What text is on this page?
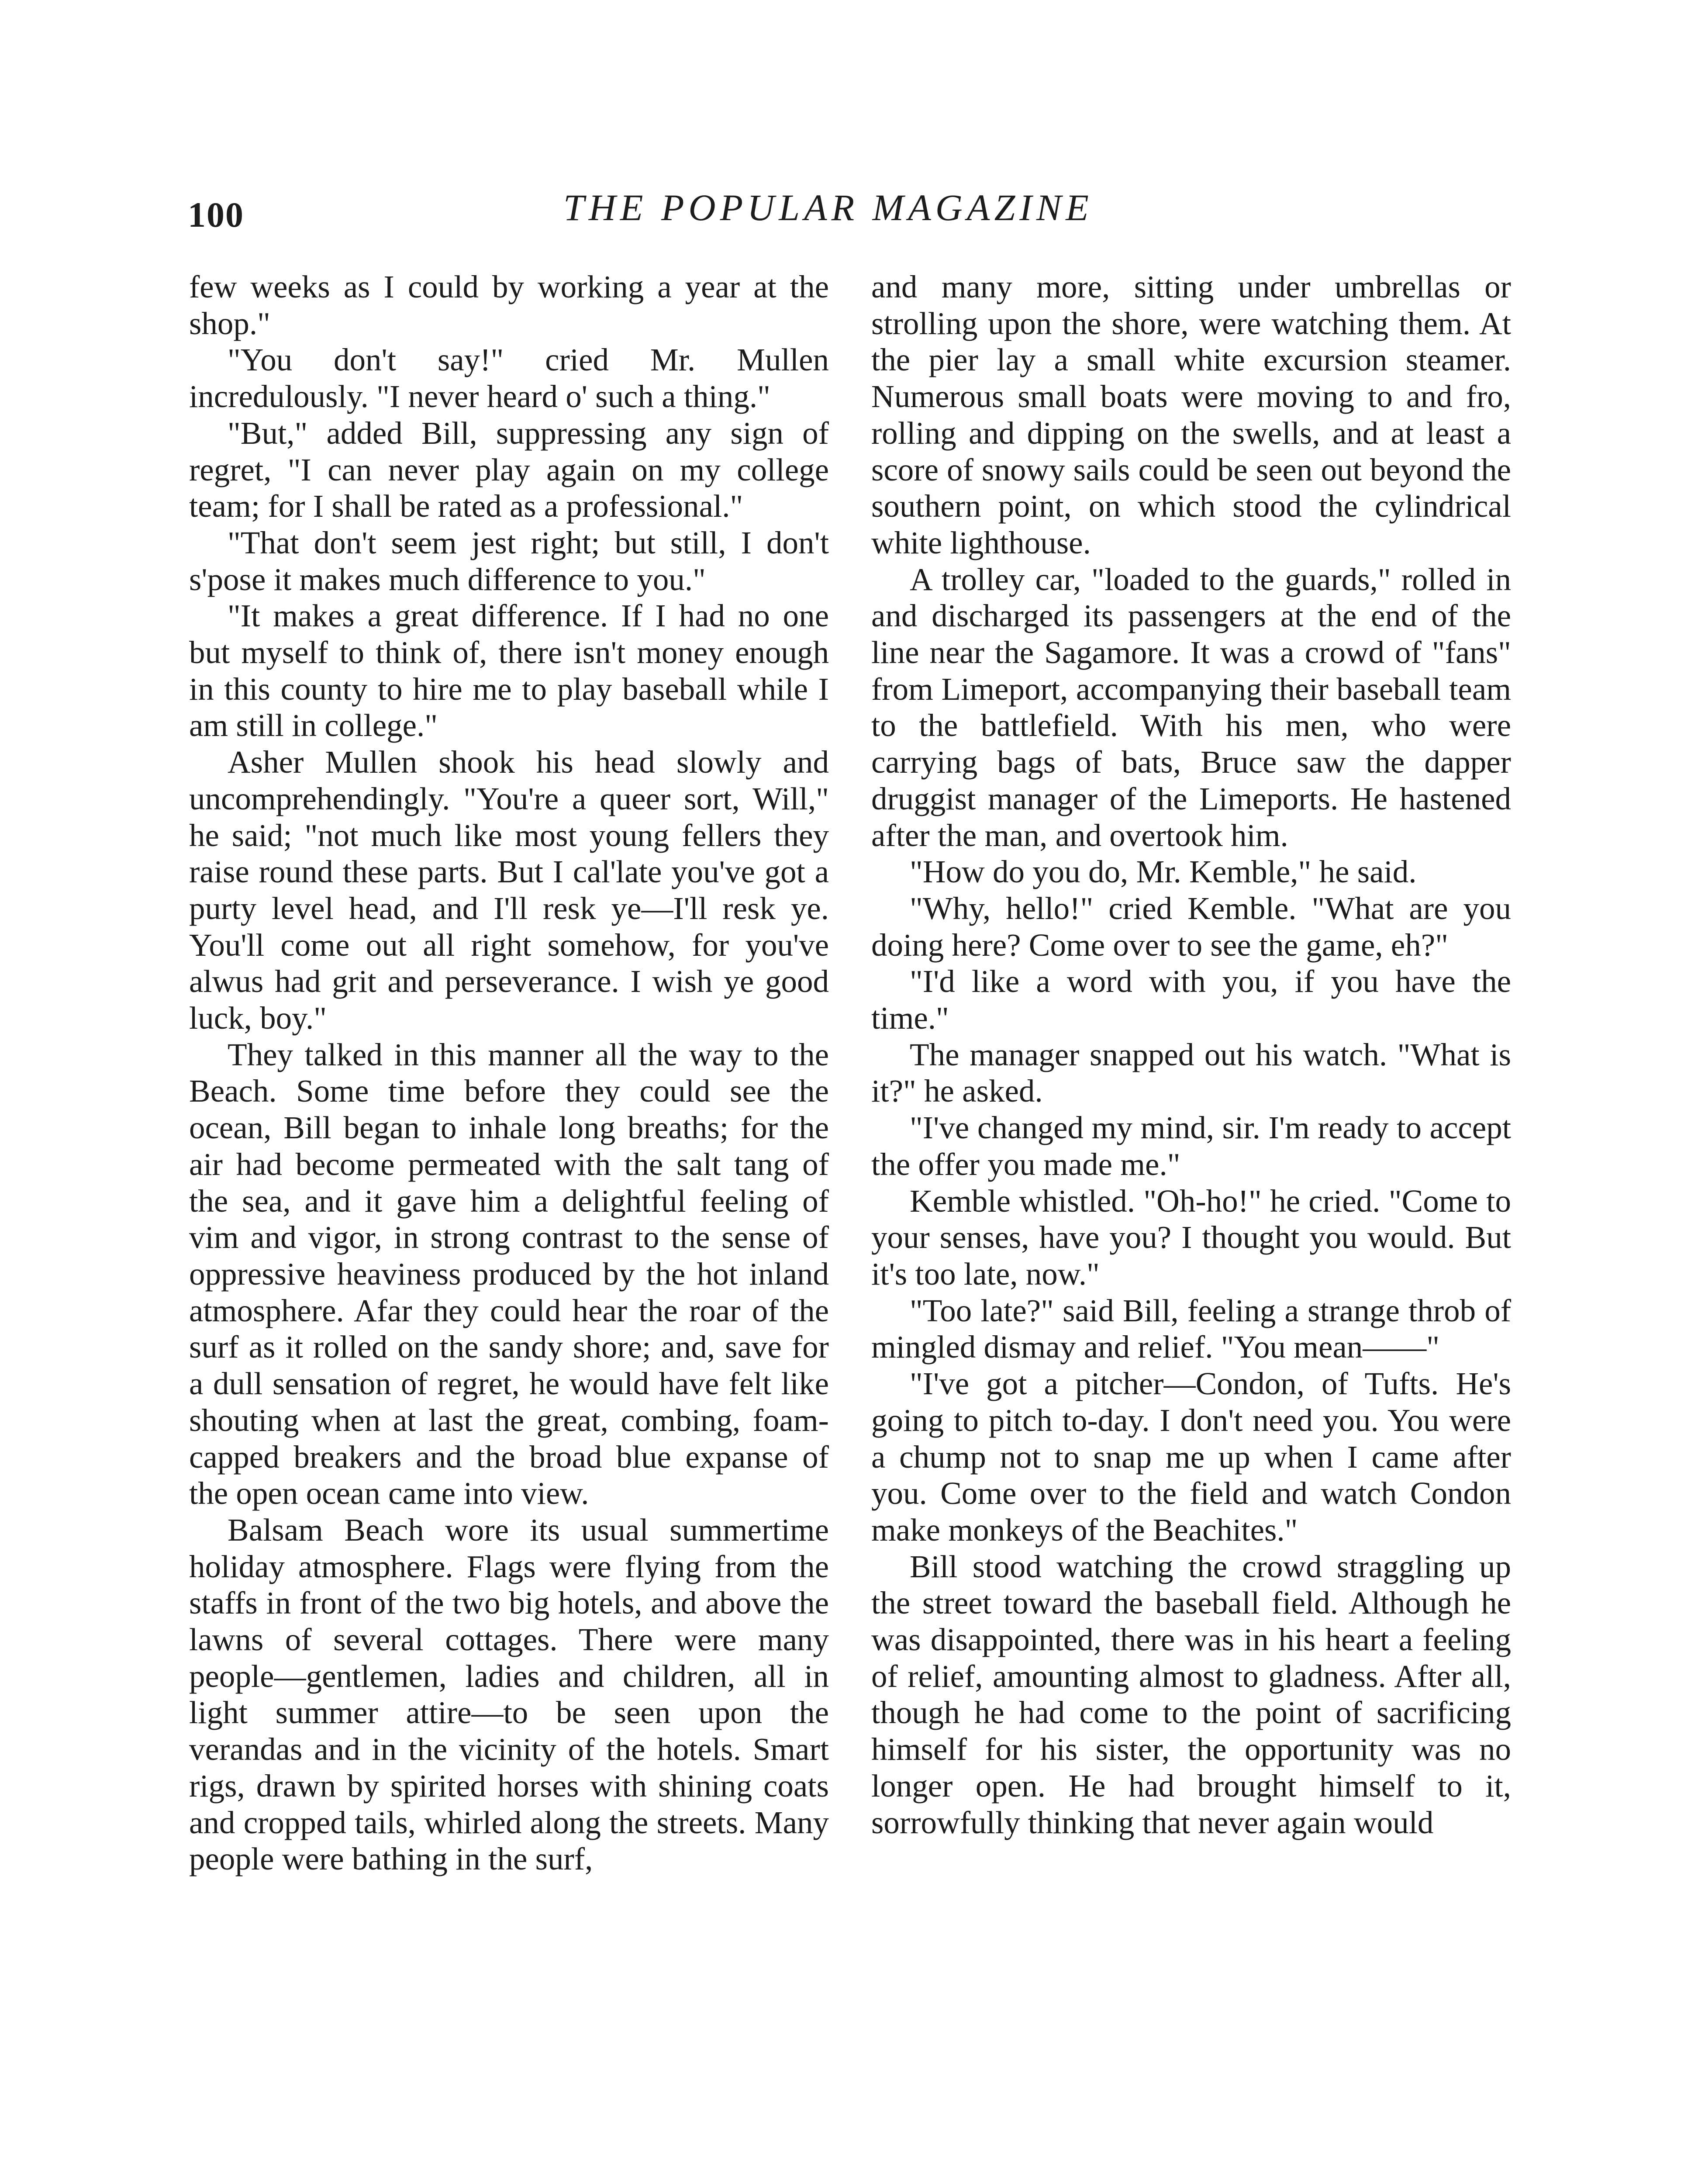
100	THE POPULAR MAGAZINE

few weeks as I could by working a year at the shop."

"You don't say!" cried Mr. Mullen incredulously. "I never heard o' such a thing."

"But," added Bill, suppressing any sign of regret, "I can never play again on my college team; for I shall be rated as a professional."

"That don't seem jest right; but still, I don't s'pose it makes much difference to you."

"It makes a great difference. If I had no one but myself to think of, there isn't money enough in this county to hire me to play baseball while I am still in college."

Asher Mullen shook his head slowly and uncomprehendingly. "You're a queer sort, Will," he said; "not much like most young fellers they raise round these parts. But I cal'late you've got a purty level head, and I'll resk ye—I'll resk ye. You'll come out all right somehow, for you've alwus had grit and perseverance. I wish ye good luck, boy."

They talked in this manner all the way to the Beach. Some time before they could see the ocean, Bill began to inhale long breaths; for the air had become permeated with the salt tang of the sea, and it gave him a delightful feeling of vim and vigor, in strong contrast to the sense of oppressive heaviness produced by the hot inland atmosphere. Afar they could hear the roar of the surf as it rolled on the sandy shore; and, save for a dull sensation of regret, he would have felt like shouting when at last the great, combing, foam-capped breakers and the broad blue expanse of the open ocean came into view.

Balsam Beach wore its usual summertime holiday atmosphere. Flags were flying from the staffs in front of the two big hotels, and above the lawns of several cottages. There were many people—gentlemen, ladies and children, all in light summer attire—to be seen upon the verandas and in the vicinity of the hotels. Smart rigs, drawn by spirited horses with shining coats and cropped tails, whirled along the streets. Many people were bathing in the surf,

and many more, sitting under umbrellas or strolling upon the shore, were watching them. At the pier lay a small white excursion steamer. Numerous small boats were moving to and fro, rolling and dipping on the swells, and at least a score of snowy sails could be seen out beyond the southern point, on which stood the cylindrical white lighthouse.

A trolley car, "loaded to the guards," rolled in and discharged its passengers at the end of the line near the Sagamore. It was a crowd of "fans" from Limeport, accompanying their baseball team to the battlefield. With his men, who were carrying bags of bats, Bruce saw the dapper druggist manager of the Limeports. He hastened after the man, and overtook him.

"How do you do, Mr. Kemble," he said.

"Why, hello!" cried Kemble. "What are you doing here? Come over to see the game, eh?"

"I'd like a word with you, if you have the time."

The manager snapped out his watch. "What is it?" he asked.

"I've changed my mind, sir. I'm ready to accept the offer you made me."

Kemble whistled. "Oh-ho!" he cried. "Come to your senses, have you? I thought you would. But it's too late, now."

"Too late?" said Bill, feeling a strange throb of mingled dismay and relief. "You mean——"

"I've got a pitcher—Condon, of Tufts. He's going to pitch to-day. I don't need you. You were a chump not to snap me up when I came after you. Come over to the field and watch Condon make monkeys of the Beachites."

Bill stood watching the crowd straggling up the street toward the baseball field. Although he was disappointed, there was in his heart a feeling of relief, amounting almost to gladness. After all, though he had come to the point of sacrificing himself for his sister, the opportunity was no longer open. He had brought himself to it, sorrowfully thinking that never again would
